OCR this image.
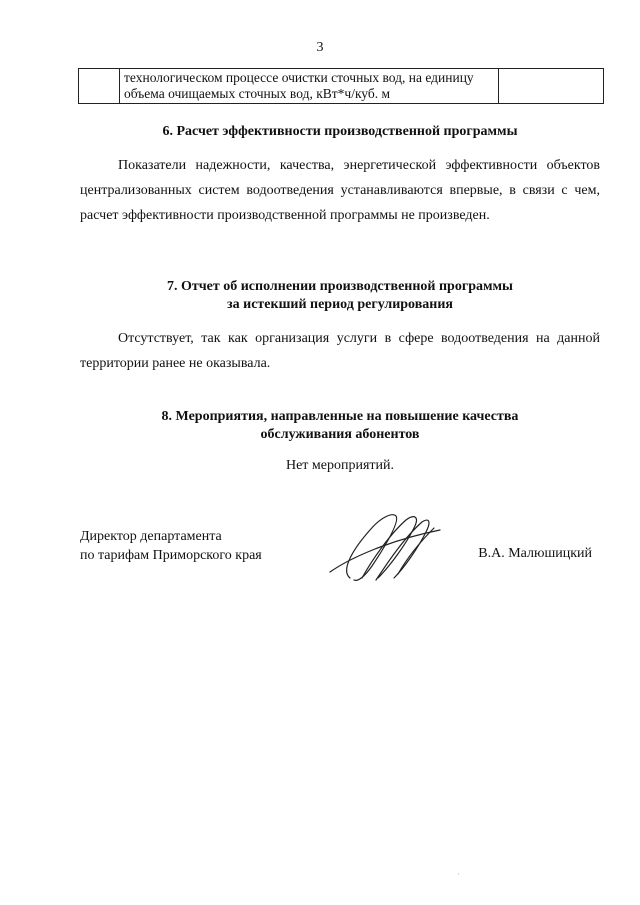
3

технологическом процессе очистки сточных вод, на единицу
объема очищаемых сточных вод, кВт*ч/куб. м

6. Расчет эффективности производственной программы
Показатели надежности, качества, энергетической эффективности объектов централизованных систем водоотведения устанавливаются впервые, в связи с чем, расчет эффективности производственной программы не произведен.
7. Отчет об исполнении производственной программы
за истекший период регулирования
Отсутствует, так как организация услуги в сфере водоотведения на данной территории ранее не оказывала.
8. Мероприятия, направленные на повышение качества
обслуживания абонентов
Нет мероприятий.
Директор департамента
по тарифам Приморского края	В.А. Малюшицкий
·
